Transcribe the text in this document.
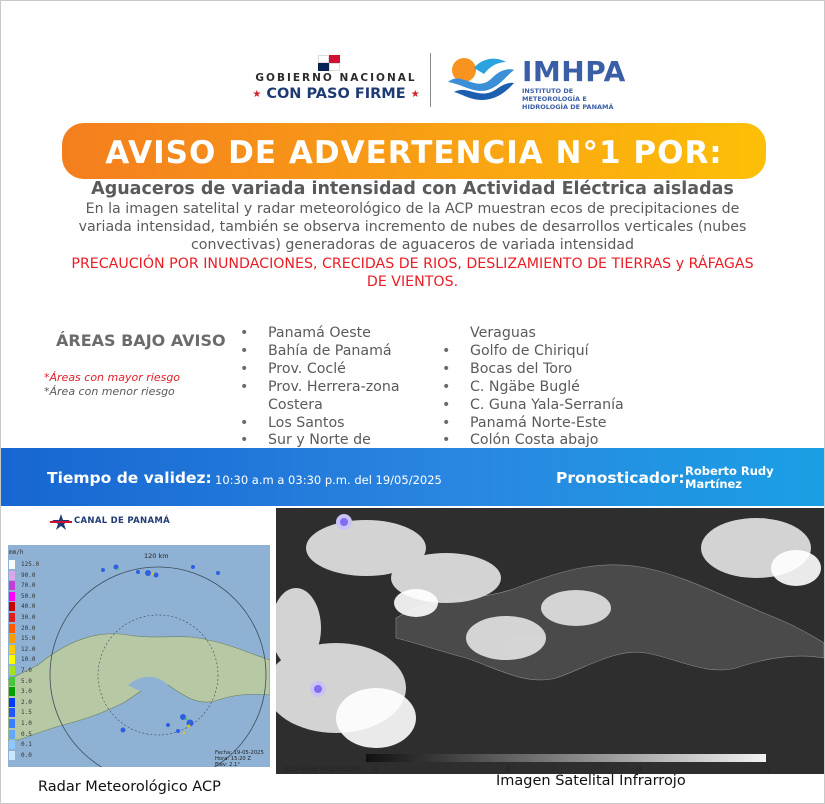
GOBIERNO NACIONAL
★ CON PASO FIRME ★
IMHPA
INSTITUTO DE METEOROLOGÍA E HIDROLOGÍA DE PANAMÁ
AVISO DE ADVERTENCIA N°1 POR:
Aguaceros de variada intensidad con Actividad Eléctrica aisladas
En la imagen satelital y radar meteorológico de la ACP muestran ecos de precipitaciones de variada intensidad, también se observa incremento de nubes de desarrollos verticales (nubes convectivas) generadoras de aguaceros de variada intensidad
PRECAUCIÓN POR INUNDACIONES, CRECIDAS DE RIOS, DESLIZAMIENTO DE TIERRAS y RÁFAGAS DE VIENTOS.
ÁREAS BAJO AVISO
*Áreas con mayor riesgo
*Área con menor riesgo
• Panamá Oeste
• Bahía de Panamá
• Prov. Coclé
• Prov. Herrera-zona
Costera
• Los Santos
• Sur y Norte de
Veraguas
• Golfo de Chiriquí
• Bocas del Toro
• C. Ngäbe Buglé
• C. Guna Yala-Serranía
• Panamá Norte-Este
• Colón Costa abajo
Tiempo de validez: 10:30 a.m a 03:30 p.m. del 19/05/2025	Pronosticador: Roberto Rudy Martínez
CANAL DE PANAMÁ
mm/h
125.0
90.0
70.0
50.0
40.0
30.0
20.0
15.0
12.0
10.0
7.0
5.0
3.0
2.0
1.5
1.0
0.5
0.1
0.0
120 km
Fecha: 19-05-2025
Hora: 15:20 Z
Elev: 2.1°
Radar Meteorológico ACP
2025-05-19 14:30:20 UTC -6	-5	-4	-3
Imagen Satelital Infrarrojo
